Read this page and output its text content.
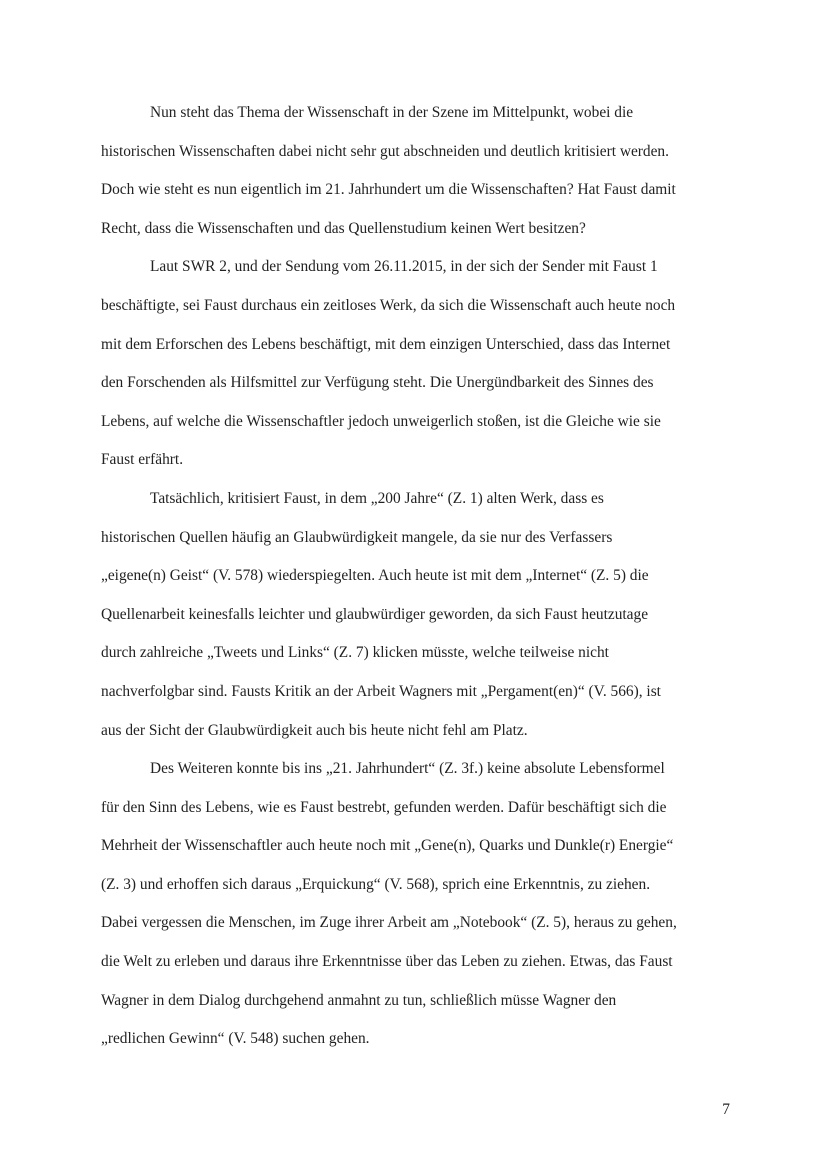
Nun steht das Thema der Wissenschaft in der Szene im Mittelpunkt, wobei die
historischen Wissenschaften dabei nicht sehr gut abschneiden und deutlich kritisiert werden.
Doch wie steht es nun eigentlich im 21. Jahrhundert um die Wissenschaften? Hat Faust damit
Recht, dass die Wissenschaften und das Quellenstudium keinen Wert besitzen?
Laut SWR 2, und der Sendung vom 26.11.2015, in der sich der Sender mit Faust 1
beschäftigte, sei Faust durchaus ein zeitloses Werk, da sich die Wissenschaft auch heute noch
mit dem Erforschen des Lebens beschäftigt, mit dem einzigen Unterschied, dass das Internet
den Forschenden als Hilfsmittel zur Verfügung steht. Die Unergündbarkeit des Sinnes des
Lebens, auf welche die Wissenschaftler jedoch unweigerlich stoßen, ist die Gleiche wie sie
Faust erfährt.
Tatsächlich, kritisiert Faust, in dem „200 Jahre“ (Z. 1) alten Werk, dass es
historischen Quellen häufig an Glaubwürdigkeit mangele, da sie nur des Verfassers
„eigene(n) Geist“ (V. 578) wiederspiegelten. Auch heute ist mit dem „Internet“ (Z. 5) die
Quellenarbeit keinesfalls leichter und glaubwürdiger geworden, da sich Faust heutzutage
durch zahlreiche „Tweets und Links“ (Z. 7) klicken müsste, welche teilweise nicht
nachverfolgbar sind. Fausts Kritik an der Arbeit Wagners mit „Pergament(en)“ (V. 566), ist
aus der Sicht der Glaubwürdigkeit auch bis heute nicht fehl am Platz.
Des Weiteren konnte bis ins „21. Jahrhundert“ (Z. 3f.) keine absolute Lebensformel
für den Sinn des Lebens, wie es Faust bestrebt, gefunden werden. Dafür beschäftigt sich die
Mehrheit der Wissenschaftler auch heute noch mit „Gene(n), Quarks und Dunkle(r) Energie“
(Z. 3) und erhoffen sich daraus „Erquickung“ (V. 568), sprich eine Erkenntnis, zu ziehen.
Dabei vergessen die Menschen, im Zuge ihrer Arbeit am „Notebook“ (Z. 5), heraus zu gehen,
die Welt zu erleben und daraus ihre Erkenntnisse über das Leben zu ziehen. Etwas, das Faust
Wagner in dem Dialog durchgehend anmahnt zu tun, schließlich müsse Wagner den
„redlichen Gewinn“ (V. 548) suchen gehen.
7
